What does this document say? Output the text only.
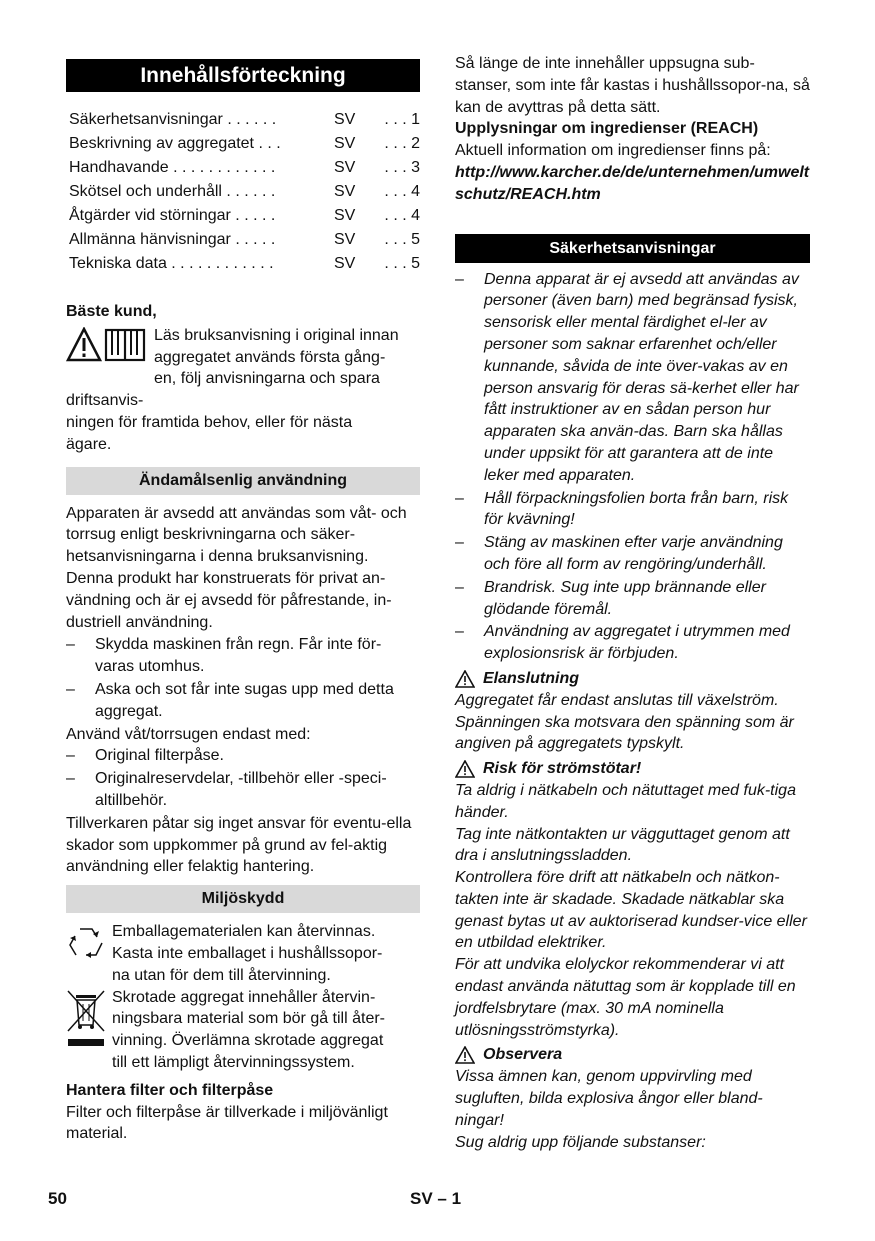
Innehållsförteckning
Säkerhetsanvisningar . . . . . .	SV	. . . 1
Beskrivning av aggregatet . . .	SV	. . . 2
Handhavande . . . . . . . . . . . .	SV	. . . 3
Skötsel och underhåll . . . . . .	SV	. . . 4
Åtgärder vid störningar . . . . .	SV	. . . 4
Allmänna hänvisningar . . . . .	SV	. . . 5
Tekniska data . . . . . . . . . . . .	SV	. . . 5

Bäste kund,

Läs bruksanvisning i original innan

aggregatet används första gång-

en, följ anvisningarna och spara driftsanvis-

ningen för framtida behov, eller för nästa

ägare.

Ändamålsenlig användning

Apparaten är avsedd att användas som våt- och torrsug enligt beskrivningarna och säker-hetsanvisningarna i denna bruksanvisning.

Denna produkt har konstruerats för privat an-vändning och är ej avsedd för påfrestande, in-dustriell användning.

–	Skydda maskinen från regn. Får inte för-varas utomhus.
–	Aska och sot får inte sugas upp med detta aggregat.

Använd våt/torrsugen endast med:

–	Original filterpåse.
–	Originalreservdelar, -tillbehör eller -speci-altillbehör.

Tillverkaren påtar sig inget ansvar för eventu-ella skador som uppkommer på grund av fel-aktig användning eller felaktig hantering.

Miljöskydd

Emballagematerialen kan återvinnas.

Kasta inte emballaget i hushållssopor-

na utan för dem till återvinning.

Skrotade aggregat innehåller återvin-

ningsbara material som bör gå till åter-

vinning. Överlämna skrotade aggregat

till ett lämpligt återvinningssystem.

Hantera filter och filterpåse

Filter och filterpåse är tillverkade i miljövänligt material.

Så länge de inte innehåller uppsugna sub-stanser, som inte får kastas i hushållssopor-na, så kan de avyttras på detta sätt.

Upplysningar om ingredienser (REACH)

Aktuell information om ingredienser finns på:

http://www.karcher.de/de/unternehmen/umweltschutz/REACH.htm

Säkerhetsanvisningar
–	Denna apparat är ej avsedd att användas av personer (även barn) med begränsad fysisk, sensorisk eller mental färdighet el-ler av personer som saknar erfarenhet och/eller kunnande, såvida de inte över-vakas av en person ansvarig för deras sä-kerhet eller har fått instruktioner av en sådan person hur apparaten ska använ-das. Barn ska hållas under uppsikt för att garantera att de inte leker med apparaten.
–	Håll förpackningsfolien borta från barn, risk för kvävning!
–	Stäng av maskinen efter varje användning och före all form av rengöring/underhåll.
–	Brandrisk. Sug inte upp brännande eller glödande föremål.
–	Användning av aggregatet i utrymmen med explosionsrisk är förbjuden.
Elanslutning

Aggregatet får endast anslutas till växelström. Spänningen ska motsvara den spänning som är angiven på aggregatets typskylt.

Risk för strömstötar!

Ta aldrig i nätkabeln och nätuttaget med fuk-tiga händer.

Tag inte nätkontakten ur vägguttaget genom att dra i anslutningssladden.

Kontrollera före drift att nätkabeln och nätkon-takten inte är skadade. Skadade nätkablar ska genast bytas ut av auktoriserad kundser-vice eller en utbildad elektriker.

För att undvika elolyckor rekommenderar vi att endast använda nätuttag som är kopplade till en jordfelsbrytare (max. 30 mA nominella utlösningsströmstyrka).

Observera

Vissa ämnen kan, genom uppvirvling med sugluften, bilda explosiva ångor eller bland-ningar!

Sug aldrig upp följande substanser:

50	SV – 1
